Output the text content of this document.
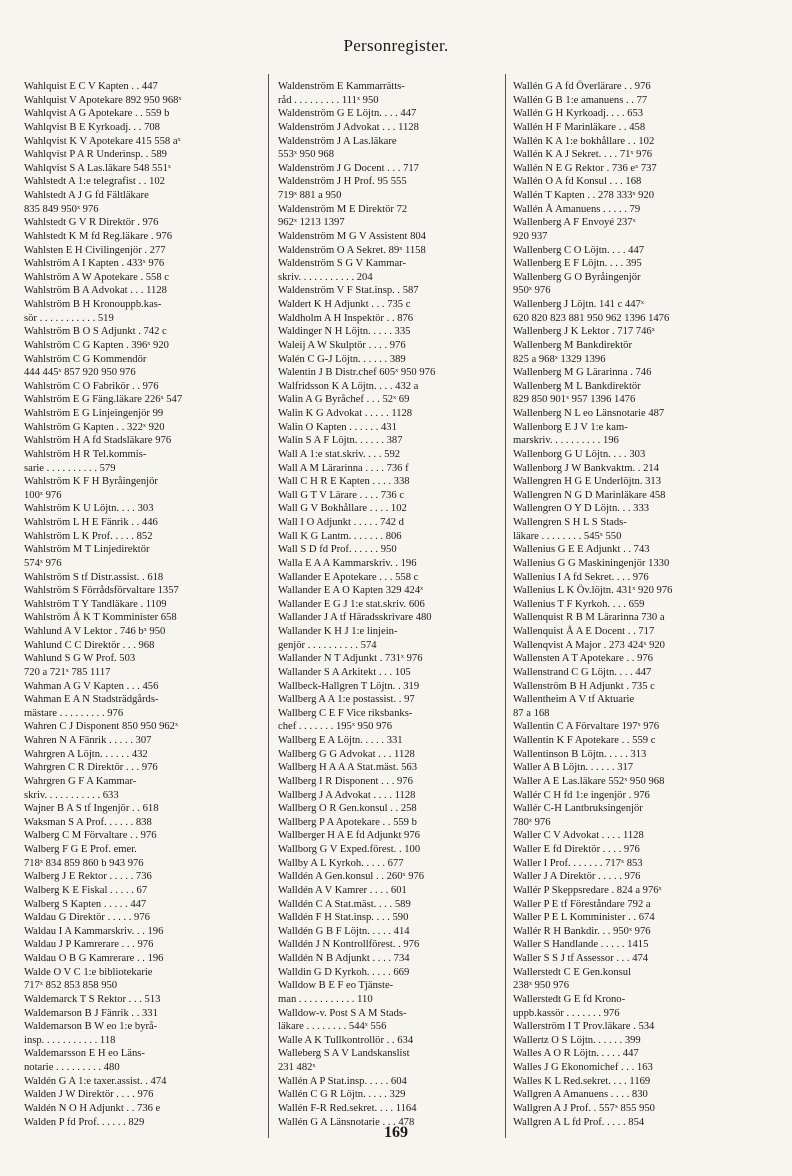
Personregister.
Wahlquist E C V Kapten . . 447
Wahlquist V Apotekare 892 950 968ˣ
Wahlqvist A G Apotekare . . 559 b
Wahlqvist B E Kyrkoadj. . . 708
Wahlqvist K V Apotekare 415 558 aˣ
Wahlqvist P A R Underinsp. . 589
Wahlqvist S A Las.läkare 548 551ˣ
Wahlstedt A 1:e telegrafist . . 102
Wahlstedt A J G fd Fältläkare
835 849 950ˣ 976
Wahlstedt G V R Direktör . 976
Wahlstedt K M fd Reg.läkare . 976
Wahlsten E H Civilingenjör . 277
Wahlström A I Kapten . 433ˣ 976
Wahlström A W Apotekare . 558 c
Wahlström B A Advokat . . . 1128
Wahlström B H Kronouppb.kas-
sör . . . . . . . . . . . 519
Wahlström B O S Adjunkt . 742 c
Wahlström C G Kapten . 396ˣ 920
Wahlström C G Kommendör
444 445ˣ 857 920 950 976
Wahlström C O Fabrikör . . 976
Wahlström E G Fäng.läkare 226ˣ 547
Wahlström E G Linjeingenjör 99
Wahlström G Kapten . . 322ˣ 920
Wahlström H A fd Stadsläkare 976
Wahlström H R Tel.kommis-
sarie . . . . . . . . . . 579
Wahlström K F H Byråingenjör
100ˣ 976
Wahlström K U Löjtn. . . . 303
Wahlström L H E Fänrik . . 446
Wahlström L K Prof. . . . . 852
Wahlström M T Linjedirektör
574ˣ 976
Wahlström S tf Distr.assist. . 618
Wahlström S Förrådsförvaltare 1357
Wahlström T Y Tandläkare . 1109
Wahlström Å K T Komminister 658
Wahlund A V Lektor . 746 bˣ 950
Wahlund C C Direktör . . . 968
Wahlund S G W Prof. 503
720 a 721ˣ 785 1117
Wahman A G V Kapten . . . 456
Wahman E A N Stadsträdgårds-
mästare . . . . . . . . . 976
Wahren C J Disponent 850 950 962ˣ
Wahren N A Fänrik . . . . . 307
Wahrgren A Löjtn. . . . . . 432
Wahrgren C R Direktör . . . 976
Wahrgren G F A Kammar-
skriv. . . . . . . . . . . 633
Wajner B A S tf Ingenjör . . 618
Waksman S A Prof. . . . . . 838
Walberg C M Förvaltare . . 976
Walberg F G E Prof. emer.
718ˣ 834 859 860 b 943 976
Walberg J E Rektor . . . . . 736
Walberg K E Fiskal . . . . . 67
Walberg S Kapten . . . . . 447
Waldau G Direktör . . . . . 976
Waldau I A Kammarskriv. . . 196
Waldau J P Kamrerare . . . 976
Waldau O B G Kamrerare . . 196
Walde O V C 1:e bibliotekarie
717ˣ 852 853 858 950
Waldemarck T S Rektor . . . 513
Waldemarson B J Fänrik . . 331
Waldemarson B W eo 1:e byrå-
insp. . . . . . . . . . . 118
Waldemarsson E H eo Läns-
notarie . . . . . . . . . 480
Waldén G A 1:e taxer.assist. . 474
Walden J W Direktör . . . . 976
Waldén N O H Adjunkt . . 736 e
Walden P fd Prof. . . . . . 829
Waldenström E Kammarrätts-
råd . . . . . . . . . 111ˣ 950
Waldenström G E Löjtn. . . . 447
Waldenström J Advokat . . . 1128
Waldenström J A Las.läkare
553ˣ 950 968
Waldenström J G Docent . . . 717
Waldenström J H Prof. 95 555
719ˣ 881 a 950
Waldenström M E Direktör 72
962ˣ 1213 1397
Waldenström M G V Assistent 804
Waldenström O A Sekret. 89ˣ 1158
Waldenström S G V Kammar-
skriv. . . . . . . . . . . 204
Waldenström V F Stat.insp. . 587
Waldert K H Adjunkt . . . 735 c
Waldholm A H Inspektör . . 876
Waldinger N H Löjtn. . . . . 335
Waleij A W Skulptör . . . . 976
Walén C G-J Löjtn. . . . . . 389
Walentin J B Distr.chef 605ˣ 950 976
Walfridsson K A Löjtn. . . . 432 a
Walin A G Byråchef . . . 52ˣ 69
Walin K G Advokat . . . . . 1128
Walin O Kapten . . . . . . 431
Walin S A F Löjtn. . . . . . 387
Wall A 1:e stat.skriv. . . . 592
Wall A M Lärarinna . . . . 736 f
Wall C H R E Kapten . . . . 338
Wall G T V Lärare . . . . 736 c
Wall G V Bokhållare . . . . 102
Wall I O Adjunkt . . . . . 742 d
Wall K G Lantm. . . . . . . 806
Wall S D fd Prof. . . . . . 950
Walla E A A Kammarskriv. . 196
Wallander E Apotekare . . . 558 c
Wallander E A O Kapten 329 424ˣ
Wallander E G J 1:e stat.skriv. 606
Wallander J A tf Häradsskrivare 480
Wallander K H J 1:e linjein-
genjör . . . . . . . . . . 574
Wallander N T Adjunkt . 731ˣ 976
Wallander S A Arkitekt . . . 105
Wallbeck-Hallgren T Löjtn. . 319
Wallberg A A 1:e postassist. . 97
Wallberg C E F Vice riksbanks-
chef . . . . . . . 195ˣ 950 976
Wallberg E A Löjtn. . . . . 331
Wallberg G G Advokat . . . 1128
Wallberg H A A A Stat.mäst. 563
Wallberg I R Disponent . . . 976
Wallberg J A Advokat . . . . 1128
Wallberg O R Gen.konsul . . 258
Wallberg P A Apotekare . . 559 b
Wallberger H A E fd Adjunkt 976
Wallborg G V Exped.förest. . 100
Wallby A L Kyrkoh. . . . . 677
Walldén A Gen.konsul . . 260ˣ 976
Walldén A V Kamrer . . . . 601
Walldén C A Stat.mäst. . . . 589
Walldén F H Stat.insp. . . . 590
Walldén G B F Löjtn. . . . . 414
Walldén J N Kontrollförest. . 976
Walldén N B Adjunkt . . . . 734
Walldin G D Kyrkoh. . . . . 669
Walldow B E F eo Tjänste-
man . . . . . . . . . . . 110
Walldow-v. Post S A M Stads-
läkare . . . . . . . . 544ˣ 556
Walle A K Tullkontrollör . . 634
Walleberg S A V Landskanslist
231 482ˣ
Wallén A P Stat.insp. . . . . 604
Wallén C G R Löjtn. . . . . 329
Wallén F-R Red.sekret. . . . 1164
Wallén G A Länsnotarie . . . 478
Wallén G A fd Överlärare . . 976
Wallén G B 1:e amanuens . . 77
Wallén G H Kyrkoadj. . . . 653
Wallén H F Marinläkare . . 458
Wallén K A 1:e bokhållare . . 102
Wallén K A J Sekret. . . . 71ˣ 976
Wallén N E G Rektor . 736 eˣ 737
Wallén O A fd Konsul . . . 168
Wallén T Kapten . . 278 333ˣ 920
Wallén Å Amanuens . . . . . 79
Wallenberg A F Envoyé 237ˣ
920 937
Wallenberg C O Löjtn. . . . 447
Wallenberg E F Löjtn. . . . 395
Wallenberg G O Byråingenjör
950ˣ 976
Wallenberg J Löjtn. 141 c 447ˣ
620 820 823 881 950 962 1396 1476
Wallenberg J K Lektor . 717 746ˣ
Wallenberg M Bankdirektör
825 a 968ˣ 1329 1396
Wallenberg M G Lärarinna . 746
Wallenberg M L Bankdirektör
829 850 901ˣ 957 1396 1476
Wallenberg N L eo Länsnotarie 487
Wallenborg E J V 1:e kam-
marskriv. . . . . . . . . . 196
Wallenborg G U Löjtn. . . . 303
Wallenborg J W Bankvaktm. . 214
Wallengren H G E Underlöjtn. 313
Wallengren N G D Marinläkare 458
Wallengren O Y D Löjtn. . . 333
Wallengren S H L S Stads-
läkare . . . . . . . . 545ˣ 550
Wallenius G E E Adjunkt . . 743
Wallenius G G Maskiningenjör 1330
Wallenius I A fd Sekret. . . . 976
Wallenius L K Öv.löjtn. 431ˣ 920 976
Wallenius T F Kyrkoh. . . . 659
Wallenquist R B M Lärarinna 730 a
Wallenquist Å A E Docent . . 717
Wallenqvist A Major . 273 424ˣ 920
Wallensten A T Apotekare . . 976
Wallenstrand C G Löjtn. . . . 447
Wallenström B H Adjunkt . 735 c
Wallentheim A V tf Aktuarie
87 a 168
Wallentin C A Förvaltare 197ˣ 976
Wallentin K F Apotekare . . 559 c
Wallentinson B Löjtn. . . . . 313
Waller A B Löjtn. . . . . . 317
Waller A E Las.läkare 552ˣ 950 968
Wallér C H fd 1:e ingenjör . 976
Wallér C-H Lantbruksingenjör
780ˣ 976
Waller C V Advokat . . . . 1128
Waller E fd Direktör . . . . 976
Waller I Prof. . . . . . . 717ˣ 853
Waller J A Direktör . . . . . 976
Wallér P Skeppsredare . 824 a 976ˣ
Waller P E tf Föreståndare 792 a
Waller P E L Komminister . . 674
Wallér R H Bankdir. . . 950ˣ 976
Waller S Handlande . . . . . 1415
Waller S S J tf Assessor . . . 474
Wallerstedt C E Gen.konsul
238ˣ 950 976
Wallerstedt G E fd Krono-
uppb.kassör . . . . . . . 976
Wallerström I T Prov.läkare . 534
Wallertz O S Löjtn. . . . . . 399
Walles A O R Löjtn. . . . . 447
Walles J G Ekonomichef . . . 163
Walles K L Red.sekret. . . . 1169
Wallgren A Amanuens . . . . 830
Wallgren A J Prof. . 557ˣ 855 950
Wallgren A L fd Prof. . . . . 854
169
